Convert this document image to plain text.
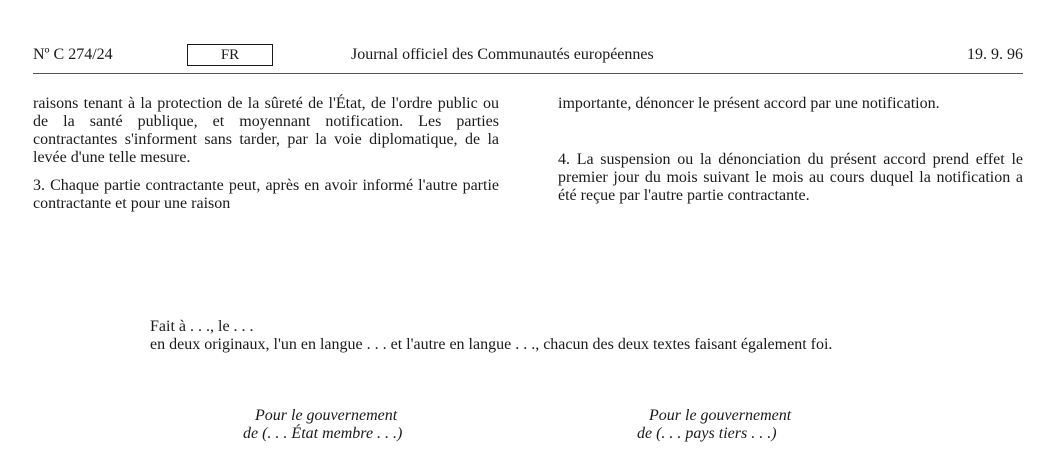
Nº C 274/24	FR	Journal officiel des Communautés européennes	19. 9. 96

raisons tenant à la protection de la sûreté de l'État, de l'ordre public ou de la santé publique, et moyennant notification. Les parties contractantes s'informent sans tarder, par la voie diplomatique, de la levée d'une telle mesure.

3. Chaque partie contractante peut, après en avoir informé l'autre partie contractante et pour une raison

importante, dénoncer le présent accord par une notification.

4. La suspension ou la dénonciation du présent accord prend effet le premier jour du mois suivant le mois au cours duquel la notification a été reçue par l'autre partie contractante.

Fait à . . ., le . . .

en deux originaux, l'un en langue . . . et l'autre en langue . . ., chacun des deux textes faisant également foi.

Pour le gouvernement
de (. . . État membre . . .)
Pour le gouvernement
de (. . . pays tiers . . .)
